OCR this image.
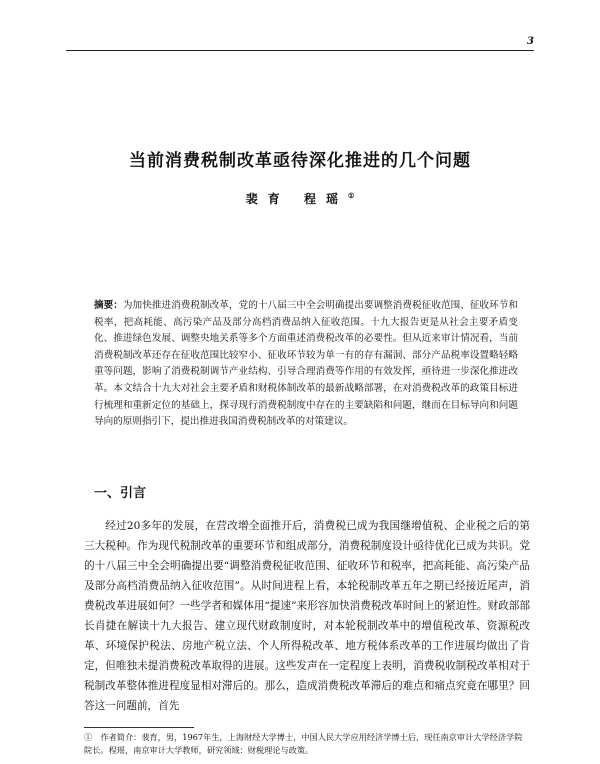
3
当前消费税制改革亟待深化推进的几个问题
裴育 程瑶①
摘要：为加快推进消费税制改革，党的十八届三中全会明确提出要调整消费税征收范围、征收环节和税率，把高耗能、高污染产品及部分高档消费品纳入征收范围。十九大报告更是从社会主要矛盾变化、推进绿色发展、调整央地关系等多个方面重述消费税改革的必要性。但从近来审计情况看，当前消费税制改革还存在征收范围比较窄小、征收环节较为单一有的存有漏洞、部分产品税率设置略轻略重等问题，影响了消费税制调节产业结构、引导合理消费等作用的有效发挥，亟待进一步深化推进改革。本文结合十九大对社会主要矛盾和财税体制改革的最新战略部署，在对消费税改革的政策目标进行梳理和重新定位的基础上，探寻现行消费税制度中存在的主要缺陷和问题，继而在目标导向和问题导向的原则指引下，提出推进我国消费税制改革的对策建议。
一、引言
经过20多年的发展，在营改增全面推开后，消费税已成为我国继增值税、企业税之后的第三大税种。作为现代税制改革的重要环节和组成部分，消费税制度设计亟待优化已成为共识。党的十八届三中全会明确提出要“调整消费税征收范围、征收环节和税率，把高耗能、高污染产品及部分高档消费品纳入征收范围”。从时间进程上看，本轮税制改革五年之期已经接近尾声，消费税改革进展如何？一些学者和媒体用“提速”来形容加快消费税改革时间上的紧迫性。财政部部长肖捷在解读十九大报告、建立现代财政制度时，对本轮税制改革中的增值税改革、资源税改革、环境保护税法、房地产税立法、个人所得税改革、地方税体系改革的工作进展均做出了肯定，但唯独未提消费税改革取得的进展。这些发声在一定程度上表明，消费税收制税改革相对于税制改革整体推进程度显相对滞后的。那么，造成消费税改革滞后的难点和痛点究竟在哪里？回答这一问题前，首先
①　作者简介：裴育，男，1967年生，上海财经大学博士，中国人民大学应用经济学博士后，现任南京审计大学经济学院院长。程瑶，南京审计大学教师，研究领域：财税理论与政策。
